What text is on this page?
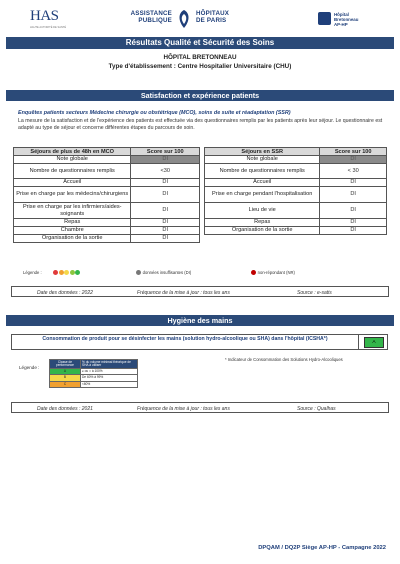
HAS
HAUTE AUTORITÉ DE SANTÉ
ASSISTANCE
PUBLIQUE
HÔPITAUX
DE PARIS
Hôpital
Bretonneau
AP-HP
Résultats Qualité et Sécurité des Soins
HÔPITAL BRETONNEAU
Type d'établissement : Centre Hospitalier Universitaire (CHU)
Satisfaction et expérience patients
Enquêtes patients secteurs Médecine chirurgie ou obstétrique (MCO), soins de suite et réadaptation (SSR)
La mesure de la satisfaction et de l'expérience des patients est effectuée via des questionnaires remplis par les patients après leur séjour. Le questionnaire est adapté au type de séjour et concerne différentes étapes du parcours de soin.
Séjours de plus de 48h en MCO	Score sur 100
Note globale	DI
Nombre de questionnaires remplis	<30
Accueil	DI
Prise en charge par les médecins/chirurgiens	DI
Prise en charge par les infirmiers/aides-soignants	DI
Repas	DI
Chambre	DI
Organisation de la sortie	DI
Séjours en SSR	Score sur 100
Note globale	DI
Nombre de questionnaires remplis	< 30
Accueil	DI
Prise en charge pendant l'hospitalisation	DI
Lieu de vie	DI
Repas	DI
Organisation de la sortie	DI
Légende :	données insuffisantes (DI)	non-répondant (NR)
Date des données : 2022	Fréquence de la mise à jour : tous les ans	Source : e-satis
Hygiène des mains
Consommation de produit pour se désinfecter les mains (solution hydro-alcoolique ou SHA) dans l'hôpital (ICSHA*)
A
* Indicateur de Consommation des Solutions Hydro-Alcooliques
Légende :
Classe de performance	% du volume minimal théorique de SHA à utiliser
A	≥ ou = à 100%
B	De 60% à 99%
C	<60%
Date des données : 2021	Fréquence de la mise à jour : tous les ans	Source : Qualhas
DPQAM / DQ2P Siège AP-HP - Campagne 2022
